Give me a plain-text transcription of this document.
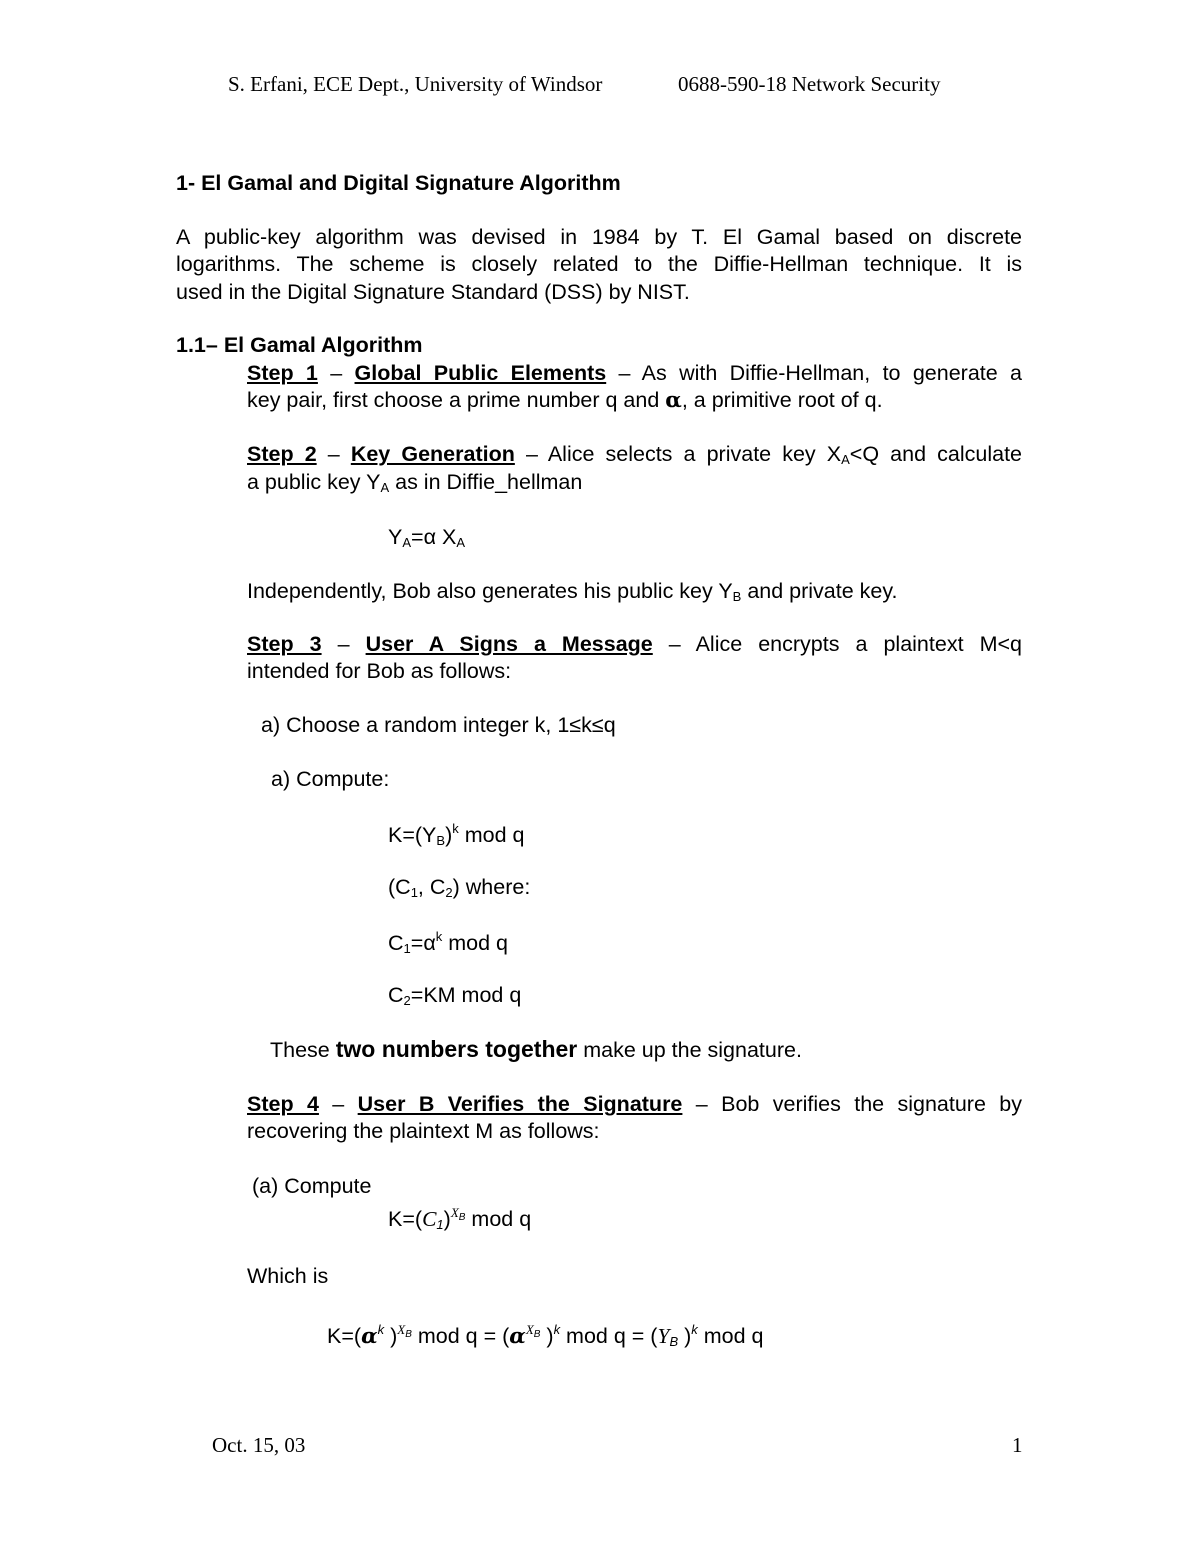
S. Erfani, ECE Dept., University of Windsor	0688-590-18 Network Security
1- El Gamal and Digital Signature Algorithm
A public-key algorithm was devised in 1984 by T. El Gamal based on discrete
logarithms. The scheme is closely related to the Diffie-Hellman technique. It is
used in the Digital Signature Standard (DSS) by NIST.
1.1– El Gamal Algorithm
Step 1 – Global Public Elements – As with Diffie-Hellman, to generate a
key pair, first choose a prime number q and α, a primitive root of q.
Step 2 – Key Generation – Alice selects a private key $X_A<Q$ and calculate
a public key $Y_A$ as in Diffie_hellman
$Y_A=\alpha$ $X_A$
Independently, Bob also generates his public key $Y_B$ and private key.
Step 3 – User A Signs a Message – Alice encrypts a plaintext M<q
intended for Bob as follows:
a) Choose a random integer k, 1≤k≤q
a) Compute:
$K=(Y_B)^k$ mod q
($C_1$, $C_2$) where:
$C_1=\alpha^k$ mod q
$C_2=KM$ mod q
These two numbers together make up the signature.
Step 4 – User B Verifies the Signature – Bob verifies the signature by
recovering the plaintext M as follows:
(a) Compute
$K=(C_1)^{XB}$ mod q
Which is
$K=(\alpha^k$ )$^{XB}$ mod $q = (\alpha^{XB}$ )$^k$ mod $q = (Y_B$ )$^k$ mod q
Oct. 15, 03	1
